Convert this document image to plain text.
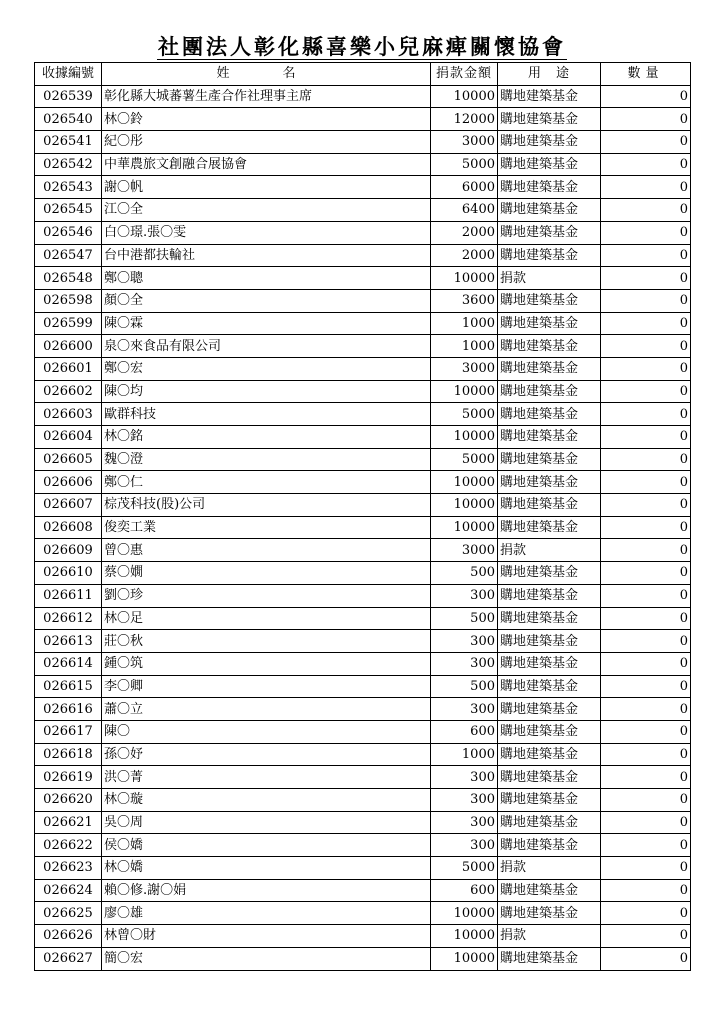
社團法人彰化縣喜樂小兒麻痺關懷協會
收據編號	姓　名	捐款金額	用　途	數量
026539	彰化縣大城蕃薯生產合作社理事主席	10000	購地建築基金	0
026540	林〇鈴	12000	購地建築基金	0
026541	紀〇彤	3000	購地建築基金	0
026542	中華農旅文創融合展協會	5000	購地建築基金	0
026543	謝〇帆	6000	購地建築基金	0
026545	江〇全	6400	購地建築基金	0
026546	白〇璟.張〇雯	2000	購地建築基金	0
026547	台中港都扶輪社	2000	購地建築基金	0
026548	鄭〇聰	10000	捐款	0
026598	顏〇全	3600	購地建築基金	0
026599	陳〇霖	1000	購地建築基金	0
026600	泉〇來食品有限公司	1000	購地建築基金	0
026601	鄭〇宏	3000	購地建築基金	0
026602	陳〇均	10000	購地建築基金	0
026603	歐群科技	5000	購地建築基金	0
026604	林〇銘	10000	購地建築基金	0
026605	魏〇澄	5000	購地建築基金	0
026606	鄭〇仁	10000	購地建築基金	0
026607	棕茂科技(股)公司	10000	購地建築基金	0
026608	俊奕工業	10000	購地建築基金	0
026609	曾〇惠	3000	捐款	0
026610	蔡〇嫺	500	購地建築基金	0
026611	劉〇珍	300	購地建築基金	0
026612	林〇足	500	購地建築基金	0
026613	莊〇秋	300	購地建築基金	0
026614	鍾〇筑	300	購地建築基金	0
026615	李〇卿	500	購地建築基金	0
026616	蕭〇立	300	購地建築基金	0
026617	陳〇	600	購地建築基金	0
026618	孫〇妤	1000	購地建築基金	0
026619	洪〇菁	300	購地建築基金	0
026620	林〇璇	300	購地建築基金	0
026621	吳〇周	300	購地建築基金	0
026622	侯〇嬌	300	購地建築基金	0
026623	林〇嬌	5000	捐款	0
026624	賴〇修.謝〇娟	600	購地建築基金	0
026625	廖〇雄	10000	購地建築基金	0
026626	林曾〇財	10000	捐款	0
026627	簡〇宏	10000	購地建築基金	0
